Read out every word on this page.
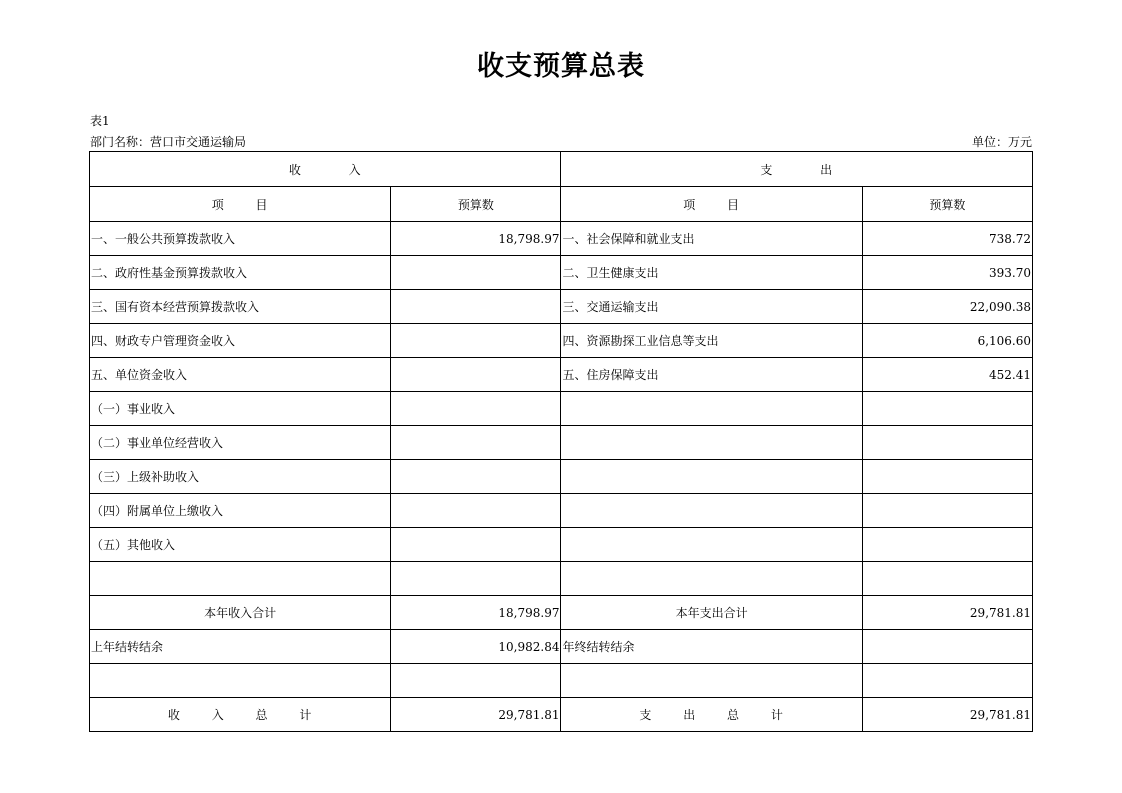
收支预算总表
表1
部门名称：营口市交通运输局	单位：万元
收 入		支 出	
项 目	预算数	项 目	预算数
一、一般公共预算拨款收入	18,798.97	一、社会保障和就业支出	738.72
二、政府性基金预算拨款收入		二、卫生健康支出	393.70
三、国有资本经营预算拨款收入		三、交通运输支出	22,090.38
四、财政专户管理资金收入		四、资源勘探工业信息等支出	6,106.60
五、单位资金收入		五、住房保障支出	452.41
（一）事业收入			
（二）事业单位经营收入			
（三）上级补助收入			
（四）附属单位上缴收入			
（五）其他收入			

本年收入合计	18,798.97	本年支出合计	29,781.81
上年结转结余	10,982.84	年终结转结余	

收 入 总 计	29,781.81	支 出 总 计	29,781.81
